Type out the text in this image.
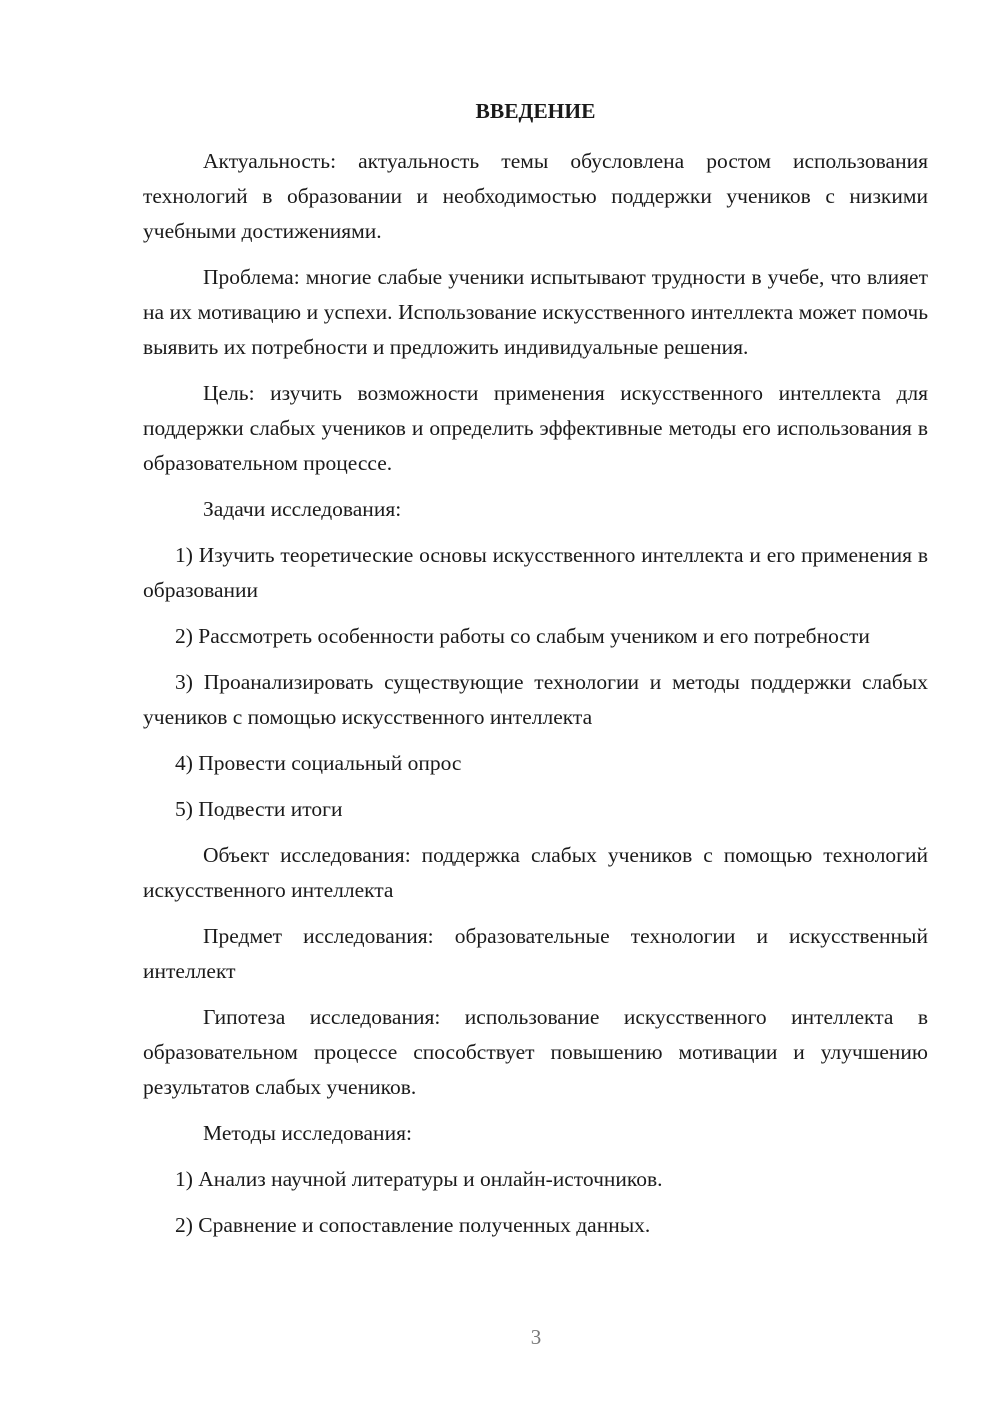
ВВЕДЕНИЕ

Актуальность: актуальность темы обусловлена ростом использования технологий в образовании и необходимостью поддержки учеников с низкими учебными достижениями.

Проблема: многие слабые ученики испытывают трудности в учебе, что влияет на их мотивацию и успехи. Использование искусственного интеллекта может помочь выявить их потребности и предложить индивидуальные решения.

Цель: изучить возможности применения искусственного интеллекта для поддержки слабых учеников и определить эффективные методы его использования в образовательном процессе.

Задачи исследования:

1) Изучить теоретические основы искусственного интеллекта и его применения в образовании

2) Рассмотреть особенности работы со слабым учеником и его потребности

3) Проанализировать существующие технологии и методы поддержки слабых учеников с помощью искусственного интеллекта

4) Провести социальный опрос

5) Подвести итоги

Объект исследования: поддержка слабых учеников с помощью технологий искусственного интеллекта

Предмет исследования: образовательные технологии и искусственный интеллект

Гипотеза исследования: использование искусственного интеллекта в образовательном процессе способствует повышению мотивации и улучшению результатов слабых учеников.

Методы исследования:

1) Анализ научной литературы и онлайн-источников.

2) Сравнение и сопоставление полученных данных.

3
